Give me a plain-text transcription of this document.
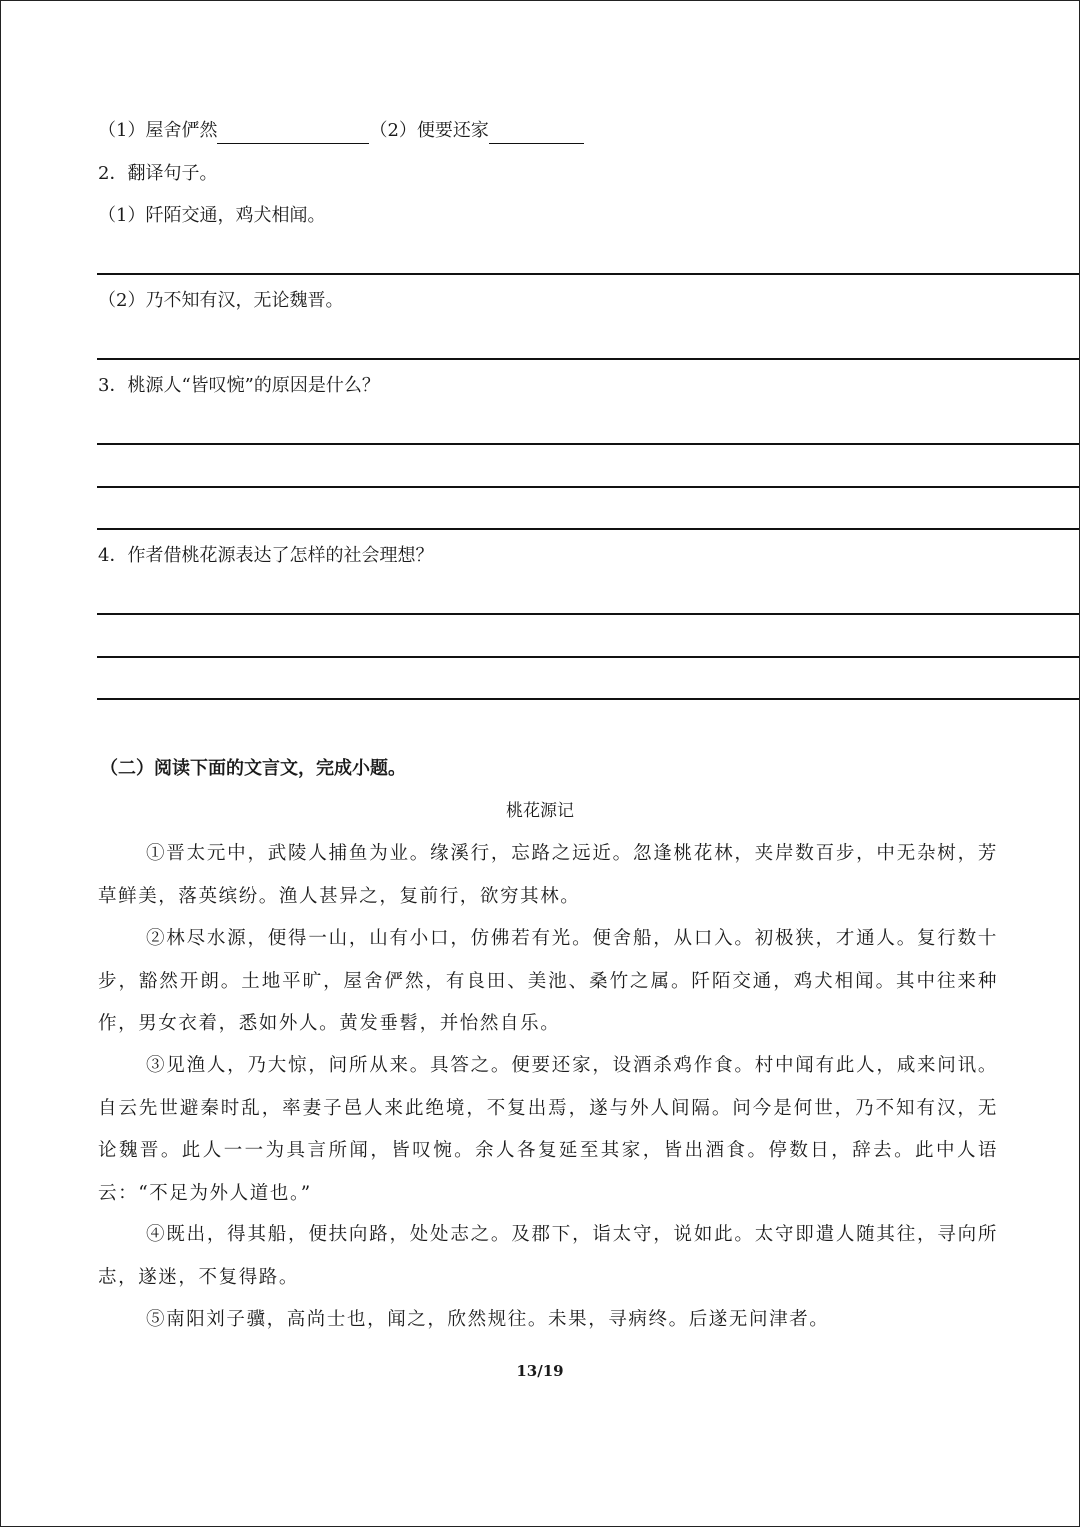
（1）屋舍俨然	（2）便要还家
2．翻译句子。
（1）阡陌交通，鸡犬相闻。
（2）乃不知有汉，无论魏晋。
3．桃源人“皆叹惋”的原因是什么？
4．作者借桃花源表达了怎样的社会理想？
（二）阅读下面的文言文，完成小题。
桃花源记
①晋太元中，武陵人捕鱼为业。缘溪行，忘路之远近。忽逢桃花林，夹岸数百步，中无杂树，芳草鲜美，落英缤纷。渔人甚异之，复前行，欲穷其林。
②林尽水源，便得一山，山有小口，仿佛若有光。便舍船，从口入。初极狭，才通人。复行数十步，豁然开朗。土地平旷，屋舍俨然，有良田、美池、桑竹之属。阡陌交通，鸡犬相闻。其中往来种作，男女衣着，悉如外人。黄发垂髫，并怡然自乐。
③见渔人，乃大惊，问所从来。具答之。便要还家，设酒杀鸡作食。村中闻有此人，咸来问讯。自云先世避秦时乱，率妻子邑人来此绝境，不复出焉，遂与外人间隔。问今是何世，乃不知有汉，无论魏晋。此人一一为具言所闻，皆叹惋。余人各复延至其家，皆出酒食。停数日，辞去。此中人语云：“不足为外人道也。”
④既出，得其船，便扶向路，处处志之。及郡下，诣太守，说如此。太守即遣人随其往，寻向所志，遂迷，不复得路。
⑤南阳刘子骥，高尚士也，闻之，欣然规往。未果，寻病终。后遂无问津者。
13/19
